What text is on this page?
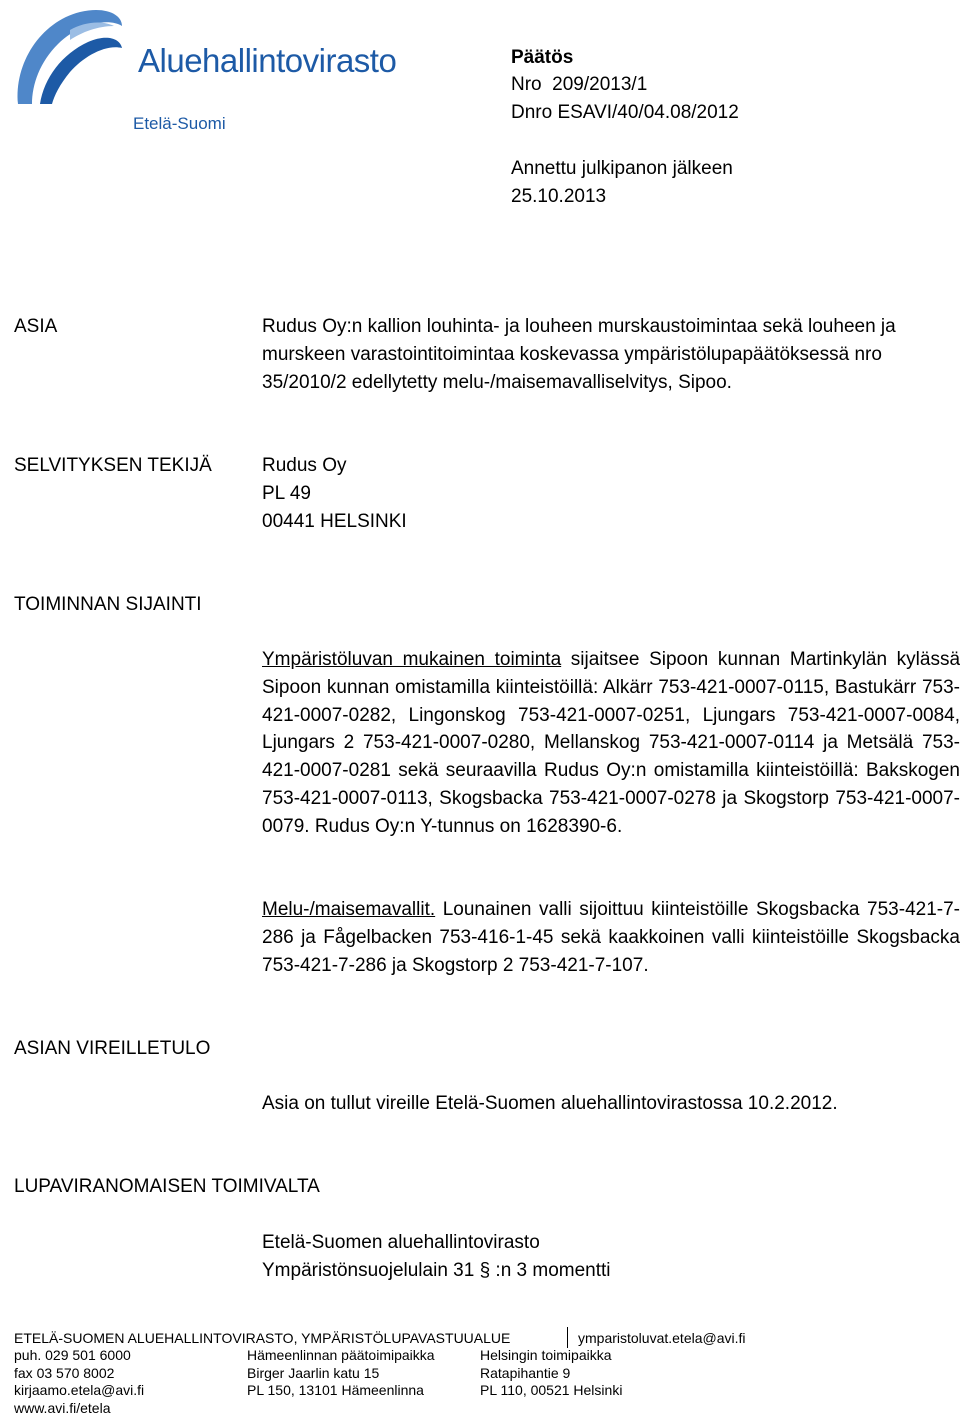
Aluehallintovirasto
Etelä-Suomi
Päätös
Nro  209/2013/1
Dnro ESAVI/40/04.08/2012
Annettu julkipanon jälkeen
25.10.2013
ASIA	Rudus Oy:n kallion louhinta- ja louheen murskaustoimintaa sekä louheen ja murskeen varastointitoimintaa koskevassa ympäristölupapäätöksessä nro 35/2010/2 edellytetty melu-/maisemavalliselvitys, Sipoo.
SELVITYKSEN TEKIJÄ	Rudus Oy
PL 49
00441 HELSINKI
TOIMINNAN SIJAINTI
Ympäristöluvan mukainen toiminta sijaitsee Sipoon kunnan Martinkylän kylässä Sipoon kunnan omistamilla kiinteistöillä: Alkärr 753-421-0007-0115, Bastukärr 753-421-0007-0282, Lingonskog 753-421-0007-0251, Ljungars 753-421-0007-0084, Ljungars 2 753-421-0007-0280, Mellanskog 753-421-0007-0114 ja Metsälä 753-421-0007-0281 sekä seuraavilla Rudus Oy:n omistamilla kiinteistöillä: Bakskogen 753-421-0007-0113, Skogsbacka 753-421-0007-0278 ja Skogstorp 753-421-0007-0079. Rudus Oy:n Y-tunnus on 1628390-6.
Melu-/maisemavallit. Lounainen valli sijoittuu kiinteistöille Skogsbacka 753-421-7-286 ja Fågelbacken 753-416-1-45 sekä kaakkoinen valli kiinteistöille Skogsbacka 753-421-7-286 ja Skogstorp 2 753-421-7-107.
ASIAN VIREILLETULO
Asia on tullut vireille Etelä-Suomen aluehallintovirastossa 10.2.2012.
LUPAVIRANOMAISEN TOIMIVALTA
Etelä-Suomen aluehallintovirasto
Ympäristönsuojelulain 31 § :n 3 momentti
ETELÄ-SUOMEN ALUEHALLINTOVIRASTO, YMPÄRISTÖLUPAVASTUUALUE	ymparistoluvat.etela@avi.fi
puh. 029 501 6000
fax 03 570 8002
kirjaamo.etela@avi.fi
www.avi.fi/etela
Hämeenlinnan päätoimipaikka
Birger Jaarlin katu 15
PL 150, 13101 Hämeenlinna
Helsingin toimipaikka
Ratapihantie 9
PL 110, 00521 Helsinki
